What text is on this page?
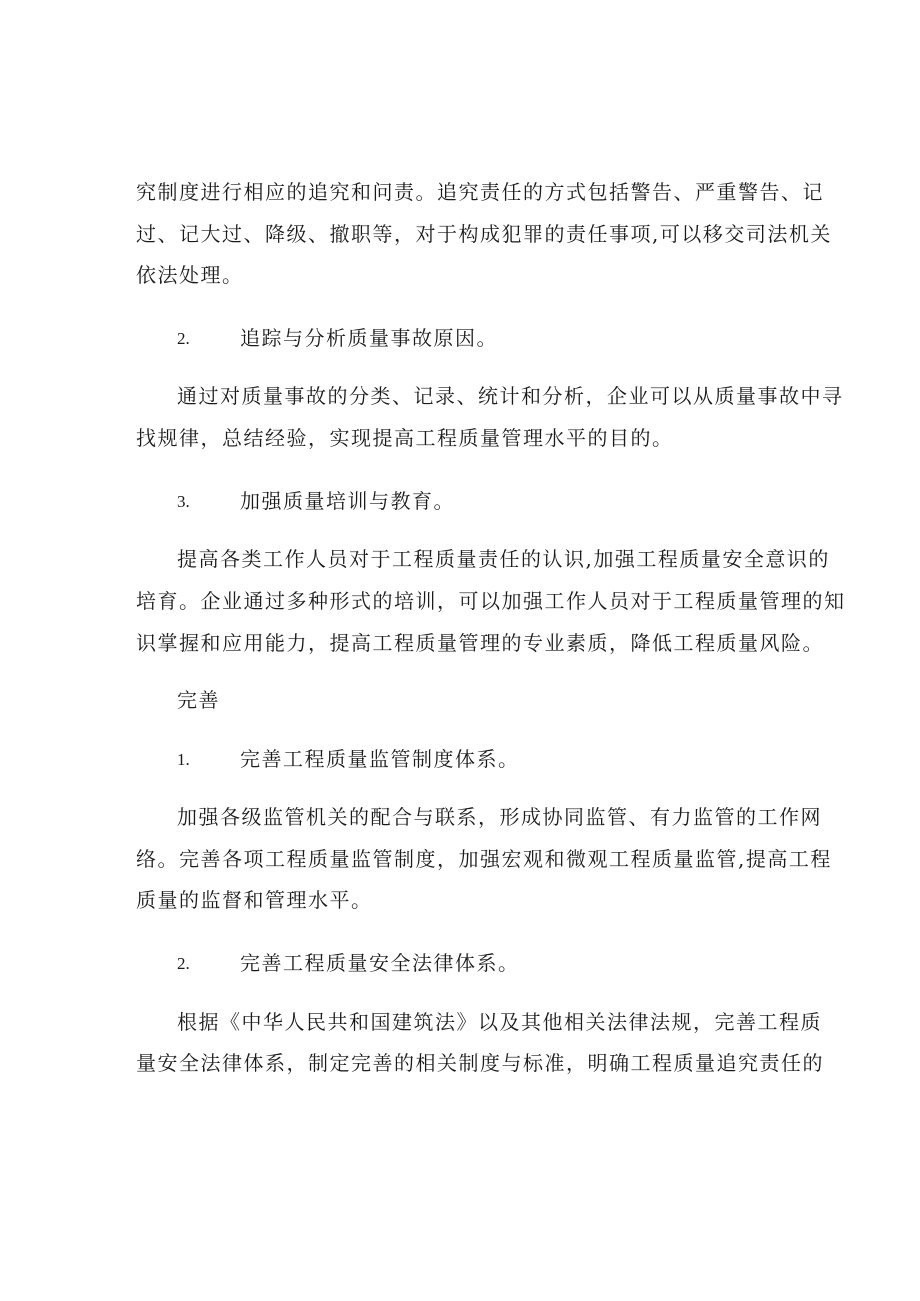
究制度进行相应的追究和问责。追究责任的方式包括警告、严重警告、记
过、记大过、降级、撤职等，对于构成犯罪的责任事项,可以移交司法机关
依法处理。
2.	追踪与分析质量事故原因。
通过对质量事故的分类、记录、统计和分析，企业可以从质量事故中寻
找规律，总结经验，实现提高工程质量管理水平的目的。
3.	加强质量培训与教育。
提高各类工作人员对于工程质量责任的认识,加强工程质量安全意识的
培育。企业通过多种形式的培训，可以加强工作人员对于工程质量管理的知
识掌握和应用能力，提高工程质量管理的专业素质，降低工程质量风险。
完善
1.	完善工程质量监管制度体系。
加强各级监管机关的配合与联系，形成协同监管、有力监管的工作网
络。完善各项工程质量监管制度，加强宏观和微观工程质量监管,提高工程
质量的监督和管理水平。
2.	完善工程质量安全法律体系。
根据《中华人民共和国建筑法》以及其他相关法律法规，完善工程质
量安全法律体系，制定完善的相关制度与标准，明确工程质量追究责任的
